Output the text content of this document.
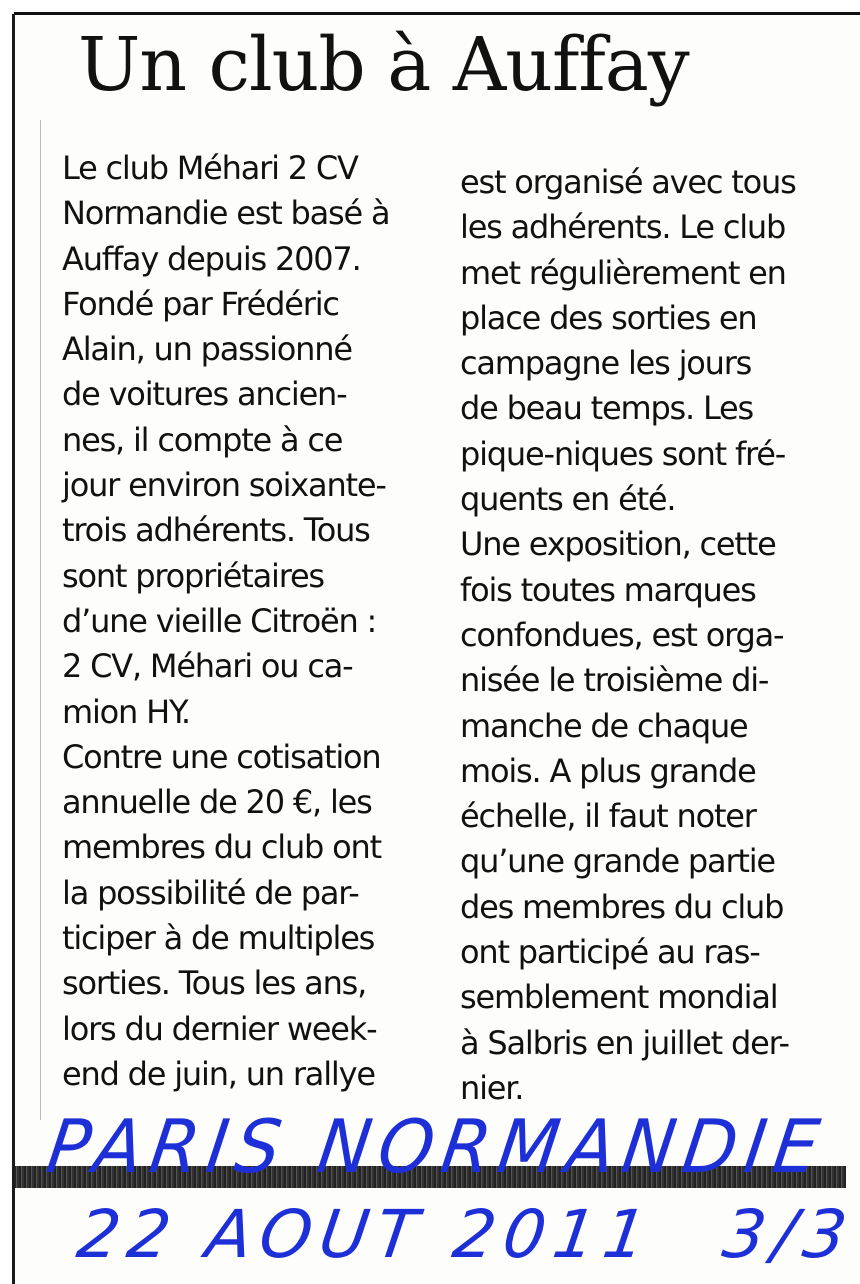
Un club à Auffay
Le club Méhari 2 CV
Normandie est basé à
Auffay depuis 2007.
Fondé par Frédéric
Alain, un passionné
de voitures ancien-
nes, il compte à ce
jour environ soixante-
trois adhérents. Tous
sont propriétaires
d’une vieille Citroën :
2 CV, Méhari ou ca-
mion HY.
Contre une cotisation
annuelle de 20 €, les
membres du club ont
la possibilité de par-
ticiper à de multiples
sorties. Tous les ans,
lors du dernier week-
end de juin, un rallye
est organisé avec tous
les adhérents. Le club
met régulièrement en
place des sorties en
campagne les jours
de beau temps. Les
pique-niques sont fré-
quents en été.
Une exposition, cette
fois toutes marques
confondues, est orga-
nisée le troisième di-
manche de chaque
mois. A plus grande
échelle, il faut noter
qu’une grande partie
des membres du club
ont participé au ras-
semblement mondial
à Salbris en juillet der-
nier.
PARIS NORMANDIE
22 AOUT 2011 3/3
